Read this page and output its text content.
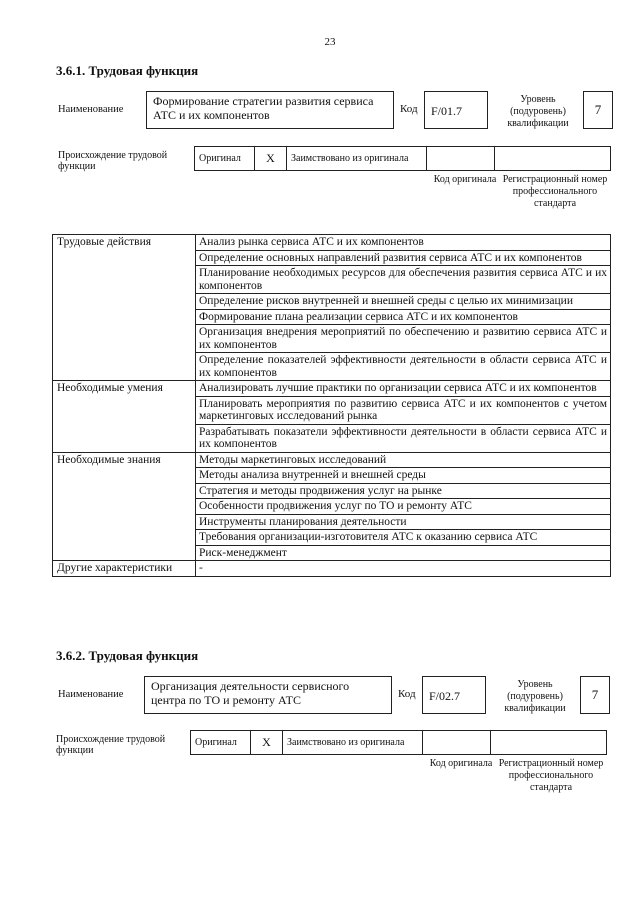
23
3.6.1. Трудовая функция
Наименование
Формирование стратегии развития сервиса АТС и их компонентов	Код	F/01.7
Уровень (подуровень) квалификации
7
Происхождение трудовой функции
Оригинал	X	Заимствовано из оригинала		
Код оригинала Регистрационный номер профессионального стандарта
Трудовые действия	Анализ рынка сервиса АТС и их компонентов
	Определение основных направлений развития сервиса АТС и их компонентов
	Планирование необходимых ресурсов для обеспечения развития сервиса АТС и их компонентов
	Определение рисков внутренней и внешней среды с целью их минимизации
	Формирование плана реализации сервиса АТС и их компонентов
	Организация внедрения мероприятий по обеспечению и развитию сервиса АТС и их компонентов
	Определение показателей эффективности деятельности в области сервиса АТС и их компонентов
Необходимые умения	Анализировать лучшие практики по организации сервиса АТС и их компонентов
	Планировать мероприятия по развитию сервиса АТС и их компонентов с учетом маркетинговых исследований рынка
	Разрабатывать показатели эффективности деятельности в области сервиса АТС и их компонентов
Необходимые знания	Методы маркетинговых исследований
	Методы анализа внутренней и внешней среды
	Стратегия и методы продвижения услуг на рынке
	Особенности продвижения услуг по ТО и ремонту АТС
	Инструменты планирования деятельности
	Требования организации-изготовителя АТС к оказанию сервиса АТС
	Риск-менеджмент
Другие характеристики	-
3.6.2. Трудовая функция
Наименование
Организация деятельности сервисного центра по ТО и ремонту АТС	Код	F/02.7
Уровень (подуровень) квалификации
7
Происхождение трудовой функции
Оригинал	X	Заимствовано из оригинала		
Код оригинала Регистрационный номер профессионального стандарта
